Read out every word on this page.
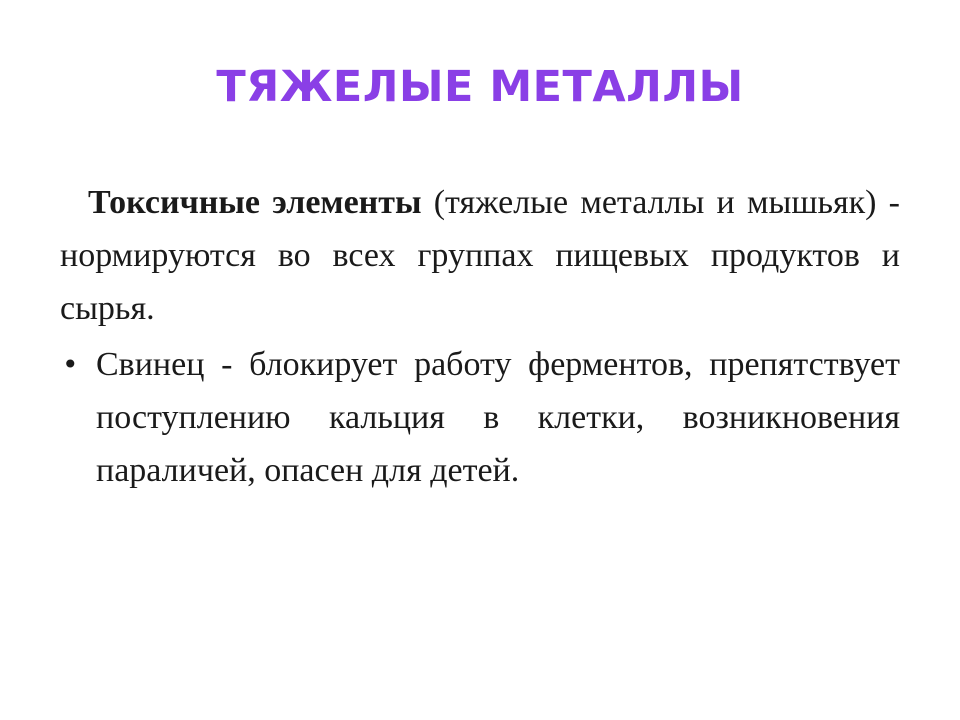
ТЯЖЕЛЫЕ МЕТАЛЛЫ

Токсичные элементы (тяжелые металлы и мышьяк) - нормируются во всех группах пищевых продуктов и сырья.

• Свинец - блокирует работу ферментов, препятствует поступлению кальция в клетки, возникновения параличей, опасен для детей.
